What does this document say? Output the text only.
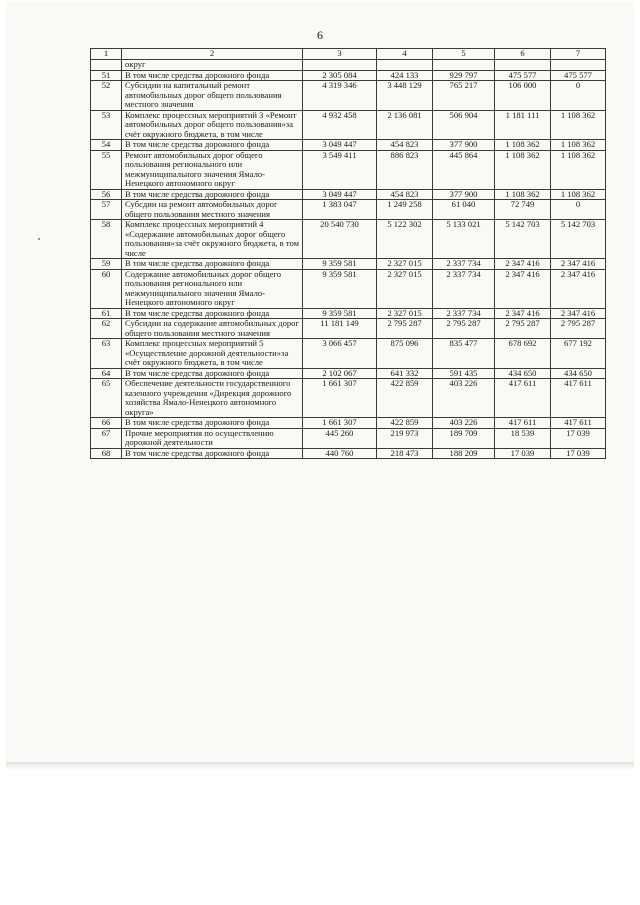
6
1	2	3	4	5	6	7
	округ					
51	В том числе средства дорожного фонда	2 305 084	424 133	929 797	475 577	475 577
52	Субсидии на капитальный ремонт автомобильных дорог общего пользования местного значения	4 319 346	3 448 129	765 217	106 000	0
53	Комплекс процессных мероприятий 3 «Ремонт автомобильных дорог общего пользования»за счёт окружного бюджета, в том числе	4 932 458	2 136 081	506 904	1 181 111	1 108 362
54	В том числе средства дорожного фонда	3 049 447	454 823	377 900	1 108 362	1 108 362
55	Ремонт автомобильных дорог общего пользования регионального или межмуниципального значения Ямало-Ненецкого автономного округ	3 549 411	886 823	445 864	1 108 362	1 108 362
56	В том числе средства дорожного фонда	3 049 447	454 823	377 900	1 108 362	1 108 362
57	Субсдии на ремонт автомобильных дорог общего пользования местного значения	1 383 047	1 249 258	61 040	72 749	0
58	Комплекс процессных мероприятий 4 «Содержание автомобильных дорог общего пользования»за счёт окружного бюджета, в том числе	20 540 730	5 122 302	5 133 021	5 142 703	5 142 703
59	В том числе средства дорожного фонда	9 359 581	2 327 015	2 337 734	2 347 416	2 347 416
60	Содержание автомобильных дорог общего пользования регионального или межмуниципального значения Ямало-Ненецкого автономного округ	9 359 581	2 327 015	2 337 734	2 347 416	2 347 416
61	В том числе средства дорожного фонда	9 359 581	2 327 015	2 337 734	2 347 416	2 347 416
62	Субсидии на содержание автомобильных дорог общего пользования местного значения	11 181 149	2 795 287	2 795 287	2 795 287	2 795 287
63	Комплекс процессных мероприятий 5 «Осуществление дорожной деятельности»за счёт окружного бюджета, в том числе	3 066 457	875 096	835 477	678 692	677 192
64	В том числе средства дорожного фонда	2 102 067	641 332	591 435	434 650	434 650
65	Обеспечение деятельности государственного казенного учреждения «Дирекция дорожного хозяйства Ямало-Ненецкого автономного округа»	1 661 307	422 859	403 226	417 611	417 611
66	В том числе средства дорожного фонда	1 661 307	422 859	403 226	417 611	417 611
67	Прочие мероприятия по осуществлению дорожной деятельности	445 260	219 973	189 709	18 539	17 039
68	В том числе средства дорожного фонда	440 760	218 473	188 209	17 039	17 039
